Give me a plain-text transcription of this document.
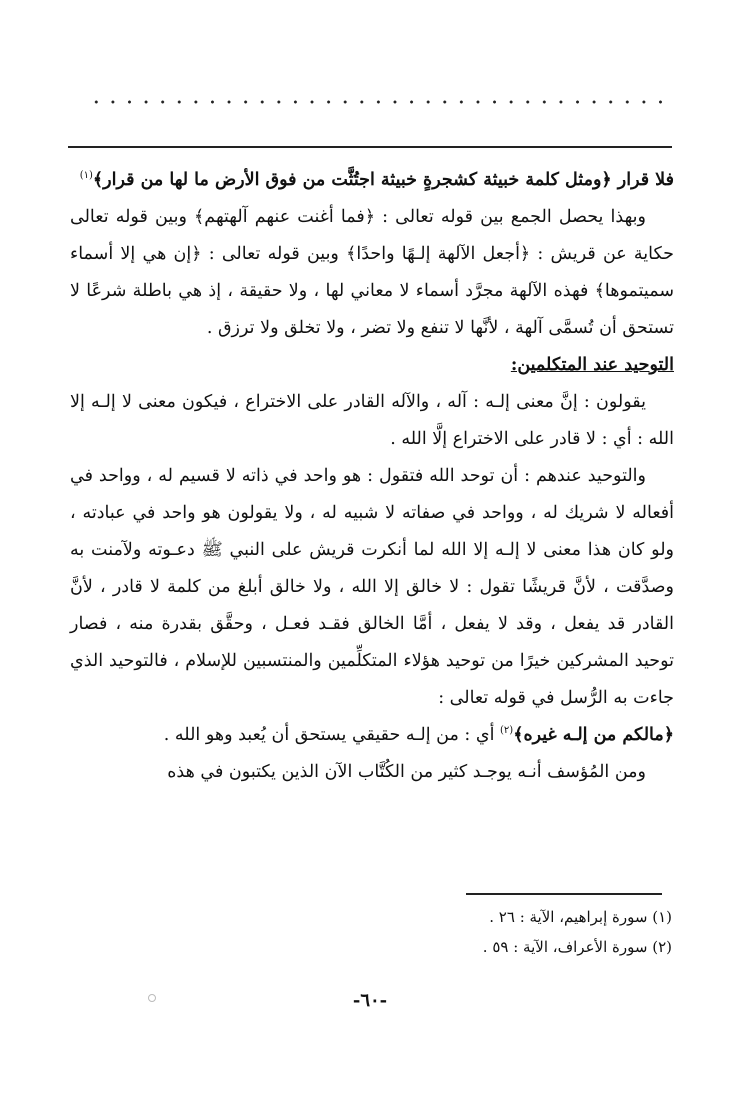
فلا قرار ﴿ومثل كلمة خبيثة كشجرةٍ خبيثة اجتُثَّت من فوق الأرض ما لها من قرار﴾$^{(١)}$

وبهذا يحصل الجمع بين قوله تعالى : ﴿فما أغنت عنهم آلهتهم﴾ وبين قوله تعالى حكاية عن قريش : ﴿أجعل الآلهة إلـهًا واحدًا﴾ وبين قوله تعالى : ﴿إن هي إلا أسماء سميتموها﴾ فهذه الآلهة مجرَّد أسماء لا معاني لها ، ولا حقيقة ، إذ هي باطلة شرعًا لا تستحق أن تُسمَّى آلهة ، لأنَّها لا تنفع ولا تضر ، ولا تخلق ولا ترزق .

التوحيد عند المتكلمين:

يقولون : إنَّ معنى إلـه : آله ، والآله القادر على الاختراع ، فيكون معنى لا إلـه إلا الله : أي : لا قادر على الاختراع إلَّا الله .

والتوحيد عندهم : أن توحد الله فتقول : هو واحد في ذاته لا قسيم له ، وواحد في أفعاله لا شريك له ، وواحد في صفاته لا شبيه له ، ولا يقولون هو واحد في عبادته ، ولو كان هذا معنى لا إلـه إلا الله لما أنكرت قريش على النبي ﷺ دعـوته ولآمنت به وصدَّقت ، لأنَّ قريشًا تقول : لا خالق إلا الله ، ولا خالق أبلغ من كلمة لا قادر ، لأنَّ القادر قد يفعل ، وقد لا يفعل ، أمَّا الخالق فقـد فعـل ، وحقَّق بقدرة منه ، فصار توحيد المشركين خيرًا من توحيد هؤلاء المتكلِّمين والمنتسبين للإسلام ، فالتوحيد الذي جاءت به الرُّسل في قوله تعالى :

﴿مالكم من إلـه غيره﴾$^{(٢)}$ أي : من إلـه حقيقي يستحق أن يُعبد وهو الله .

ومن المُؤسف أنـه يوجـد كثير من الكُتَّاب الآن الذين يكتبون في هذه

(١) سورة إبراهيم، الآية : ٢٦ .
(٢) سورة الأعراف، الآية : ٥٩ .
-٦٠-
